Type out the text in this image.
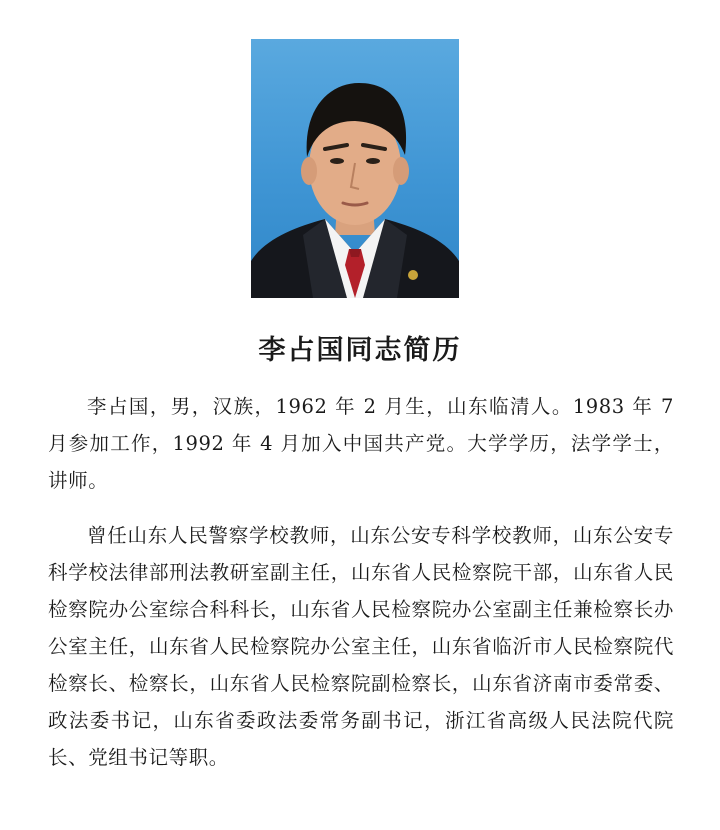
李占国同志简历

李占国，男，汉族，1962 年 2 月生，山东临清人。1983 年 7 月参加工作，1992 年 4 月加入中国共产党。大学学历，法学学士，讲师。

曾任山东人民警察学校教师，山东公安专科学校教师，山东公安专科学校法律部刑法教研室副主任，山东省人民检察院干部，山东省人民检察院办公室综合科科长，山东省人民检察院办公室副主任兼检察长办公室主任，山东省人民检察院办公室主任，山东省临沂市人民检察院代检察长、检察长，山东省人民检察院副检察长，山东省济南市委常委、政法委书记，山东省委政法委常务副书记，浙江省高级人民法院代院长、党组书记等职。
